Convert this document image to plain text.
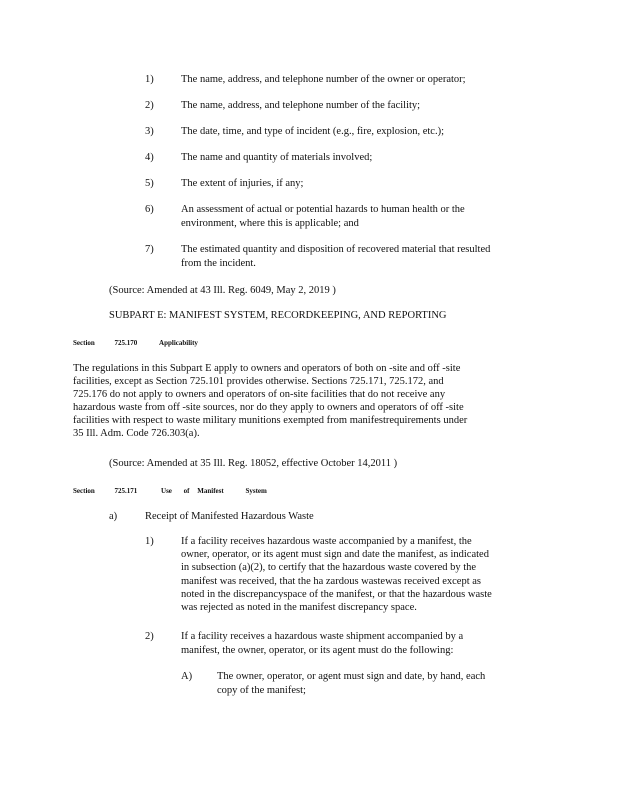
1)	The name, address, and telephone number of the owner or operator;
2)	The name, address, and telephone number of the facility;
3)	The date, time, and type of incident (e.g., fire, explosion, etc.);
4)	The name and quantity of materials involved;
5)	The extent of injuries, if any;
6)	An assessment of actual or potential hazards to human health or the
environment, where this is applicable; and
7)	The estimated quantity and disposition of recovered material that resulted
from the incident.
(Source: Amended at 43 Ill. Reg. 6049, May 2, 2019 )
SUBPART E: MANIFEST SYSTEM, RECORDKEEPING, AND REPORTING
Section	725.170	Applicability
The regulations in this Subpart E apply to owners and operators of both on -site and off -site
facilities, except as Section 725.101 provides otherwise. Sections 725.171, 725.172, and
725.176 do not apply to owners and operators of on-site facilities that do not receive any
hazardous waste from off -site sources, nor do they apply to owners and operators of off -site
facilities with respect to waste military munitions exempted from manifestrequirements under
35 Ill. Adm. Code 726.303(a).
(Source: Amended at 35 Ill. Reg. 18052, effective October 14,2011 )
Section	725.171	Use of Manifest	System
a)	Receipt of Manifested Hazardous Waste
1)	If a facility receives hazardous waste accompanied by a manifest, the
owner, operator, or its agent must sign and date the manifest, as indicated
in subsection (a)(2), to certify that the hazardous waste covered by the
manifest was received, that the ha zardous wastewas received except as
noted in the discrepancyspace of the manifest, or that the hazardous waste
was rejected as noted in the manifest discrepancy space.
2)	If a facility receives a hazardous waste shipment accompanied by a
manifest, the owner, operator, or its agent must do the following:
A) The owner, operator, or agent must sign and date, by hand, each
copy of the manifest;
